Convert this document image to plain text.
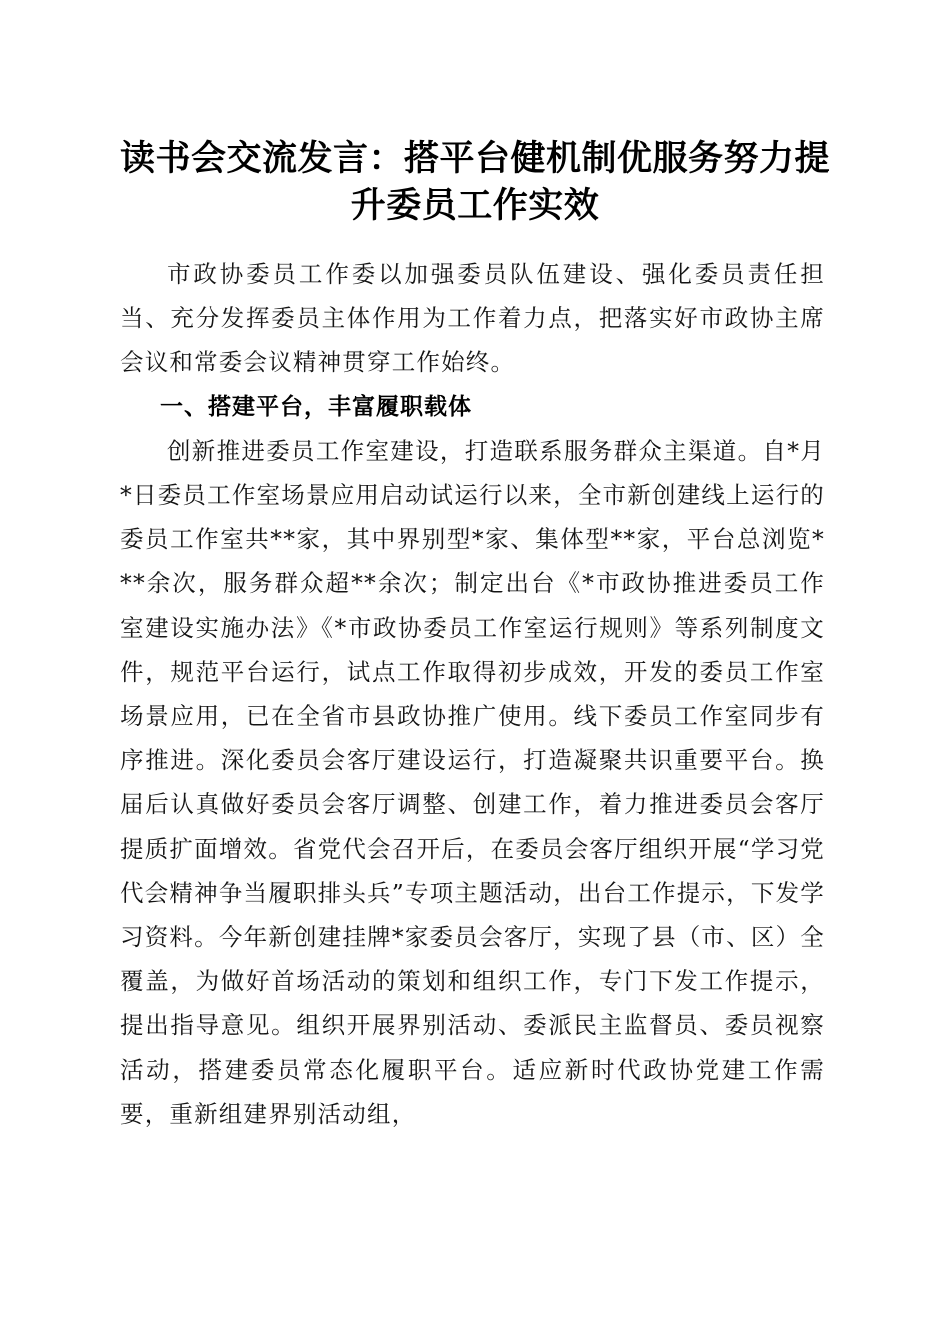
读书会交流发言：搭平台健机制优服务努力提
升委员工作实效

市政协委员工作委以加强委员队伍建设、强化委员责任担当、充分发挥委员主体作用为工作着力点，把落实好市政协主席会议和常委会议精神贯穿工作始终。

一、搭建平台，丰富履职载体

创新推进委员工作室建设，打造联系服务群众主渠道。自*月*日委员工作室场景应用启动试运行以来，全市新创建线上运行的委员工作室共**家，其中界别型*家、集体型**家，平台总浏览***余次，服务群众超**余次；制定出台《*市政协推进委员工作室建设实施办法》《*市政协委员工作室运行规则》等系列制度文件，规范平台运行，试点工作取得初步成效，开发的委员工作室场景应用，已在全省市县政协推广使用。线下委员工作室同步有序推进。深化委员会客厅建设运行，打造凝聚共识重要平台。换届后认真做好委员会客厅调整、创建工作，着力推进委员会客厅提质扩面增效。省党代会召开后，在委员会客厅组织开展“学习党代会精神争当履职排头兵”专项主题活动，出台工作提示，下发学习资料。今年新创建挂牌*家委员会客厅，实现了县（市、区）全覆盖，为做好首场活动的策划和组织工作，专门下发工作提示，提出指导意见。组织开展界别活动、委派民主监督员、委员视察活动，搭建委员常态化履职平台。适应新时代政协党建工作需要，重新组建界别活动组，
